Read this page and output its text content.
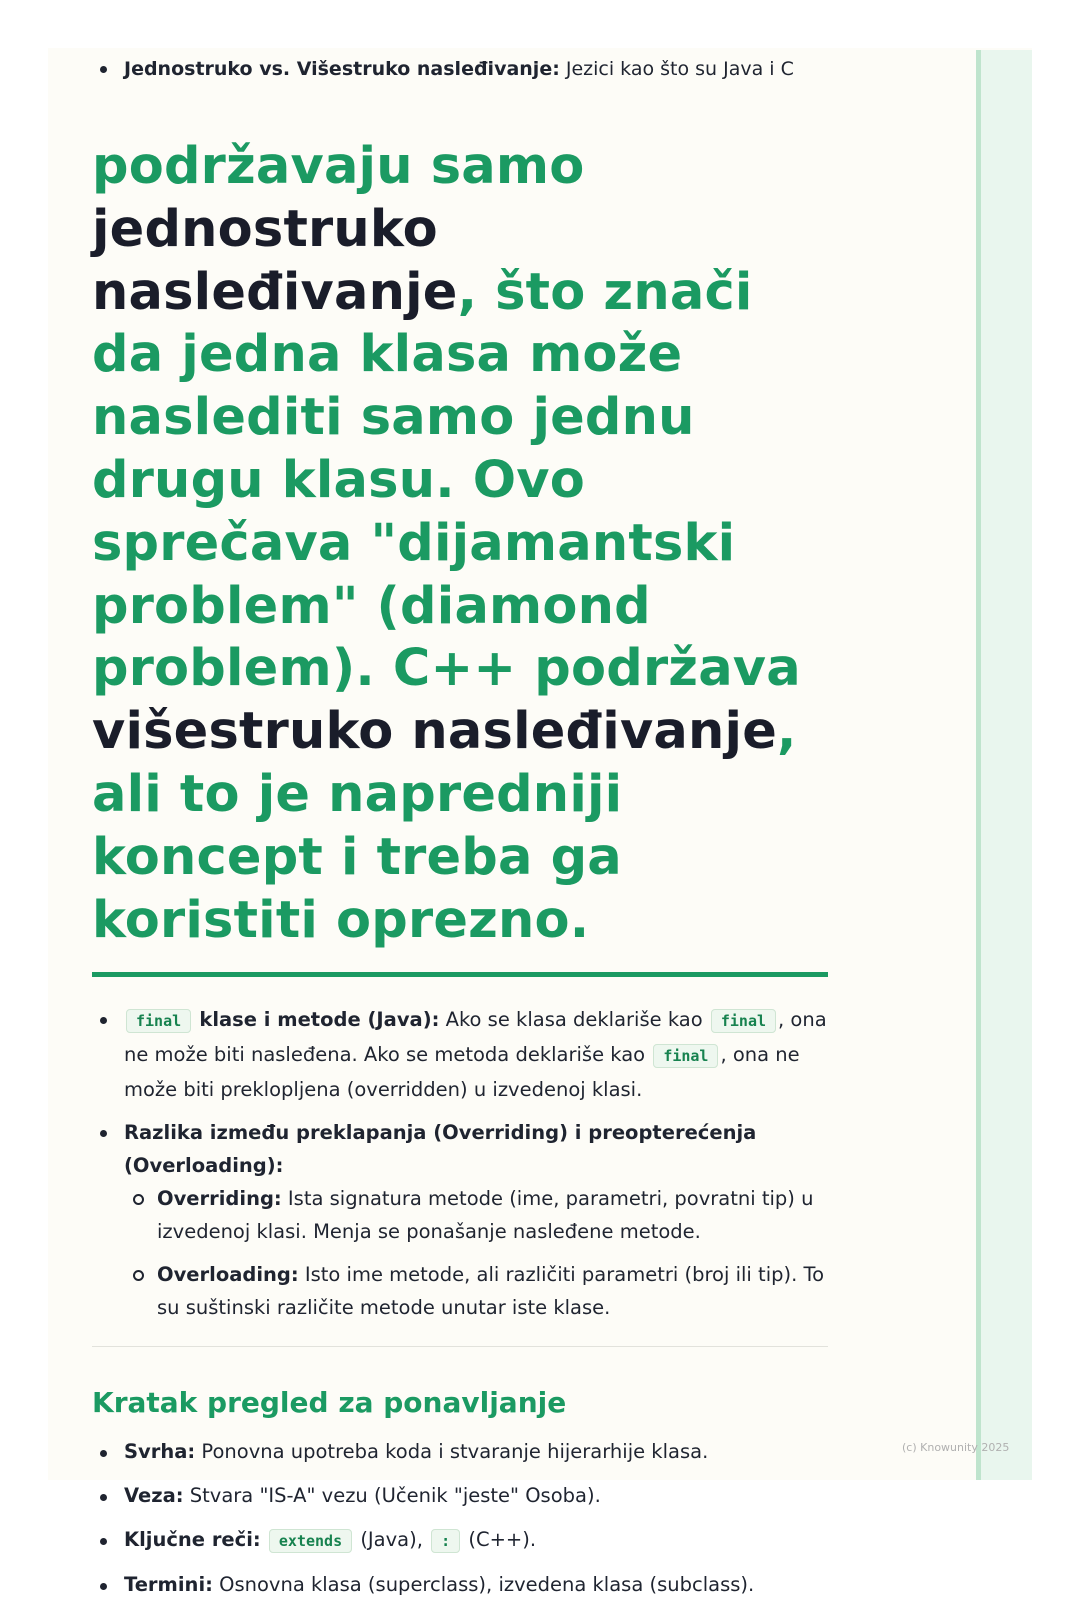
Jednostruko vs. Višestruko nasleđivanje: Jezici kao što su Java i C

podržavaju samo jednostruko nasleđivanje, što znači da jedna klasa može naslediti samo jednu drugu klasu. Ovo sprečava "dijamantski problem" (diamond problem). C++ podržava višestruko nasleđivanje, ali to je napredniji koncept i treba ga koristiti oprezno.

final klase i metode (Java): Ako se klasa deklariše kao final , ona ne može biti nasleđena. Ako se metoda deklariše kao final , ona ne može biti preklopljena (overridden) u izvedenoj klasi.
Razlika između preklapanja (Overriding) i preopterećenja (Overloading):
Overriding: Ista signatura metode (ime, parametri, povratni tip) u izvedenoj klasi. Menja se ponašanje nasleđene metode.
Overloading: Isto ime metode, ali različiti parametri (broj ili tip). To su suštinski različite metode unutar iste klase.
Kratak pregled za ponavljanje
Svrha: Ponovna upotreba koda i stvaranje hijerarhije klasa.
Veza: Stvara "IS-A" vezu (Učenik "jeste" Osoba).
Ključne reči: extends (Java), : (C++).
Termini: Osnovna klasa (superclass), izvedena klasa (subclass).
(c) Knowunity 2025
